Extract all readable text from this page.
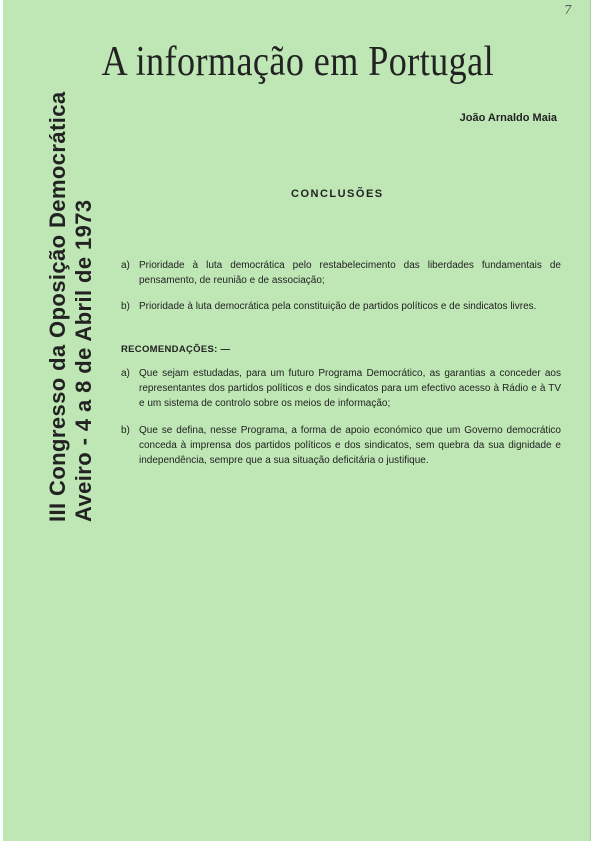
7
A informação em Portugal
João Arnaldo Maia
III Congresso da Oposição Democrática Aveiro - 4 a 8 de Abril de 1973
CONCLUSÕES
a) Prioridade à luta democrática pelo restabelecimento das liberdades fundamentais de pensamento, de reunião e de associação;
b) Prioridade à luta democrática pela constituição de partidos políticos e de sindicatos livres.
RECOMENDAÇÕES: —
a) Que sejam estudadas, para um futuro Programa Democrático, as garantias a conceder aos representantes dos partidos políticos e dos sindicatos para um efectivo acesso à Rádio e à TV e um sistema de controlo sobre os meios de informação;
b) Que se defina, nesse Programa, a forma de apoio económico que um Governo democrático conceda à imprensa dos partidos políticos e dos sindicatos, sem quebra da sua dignidade e independência, sempre que a sua situação deficitária o justifique.
